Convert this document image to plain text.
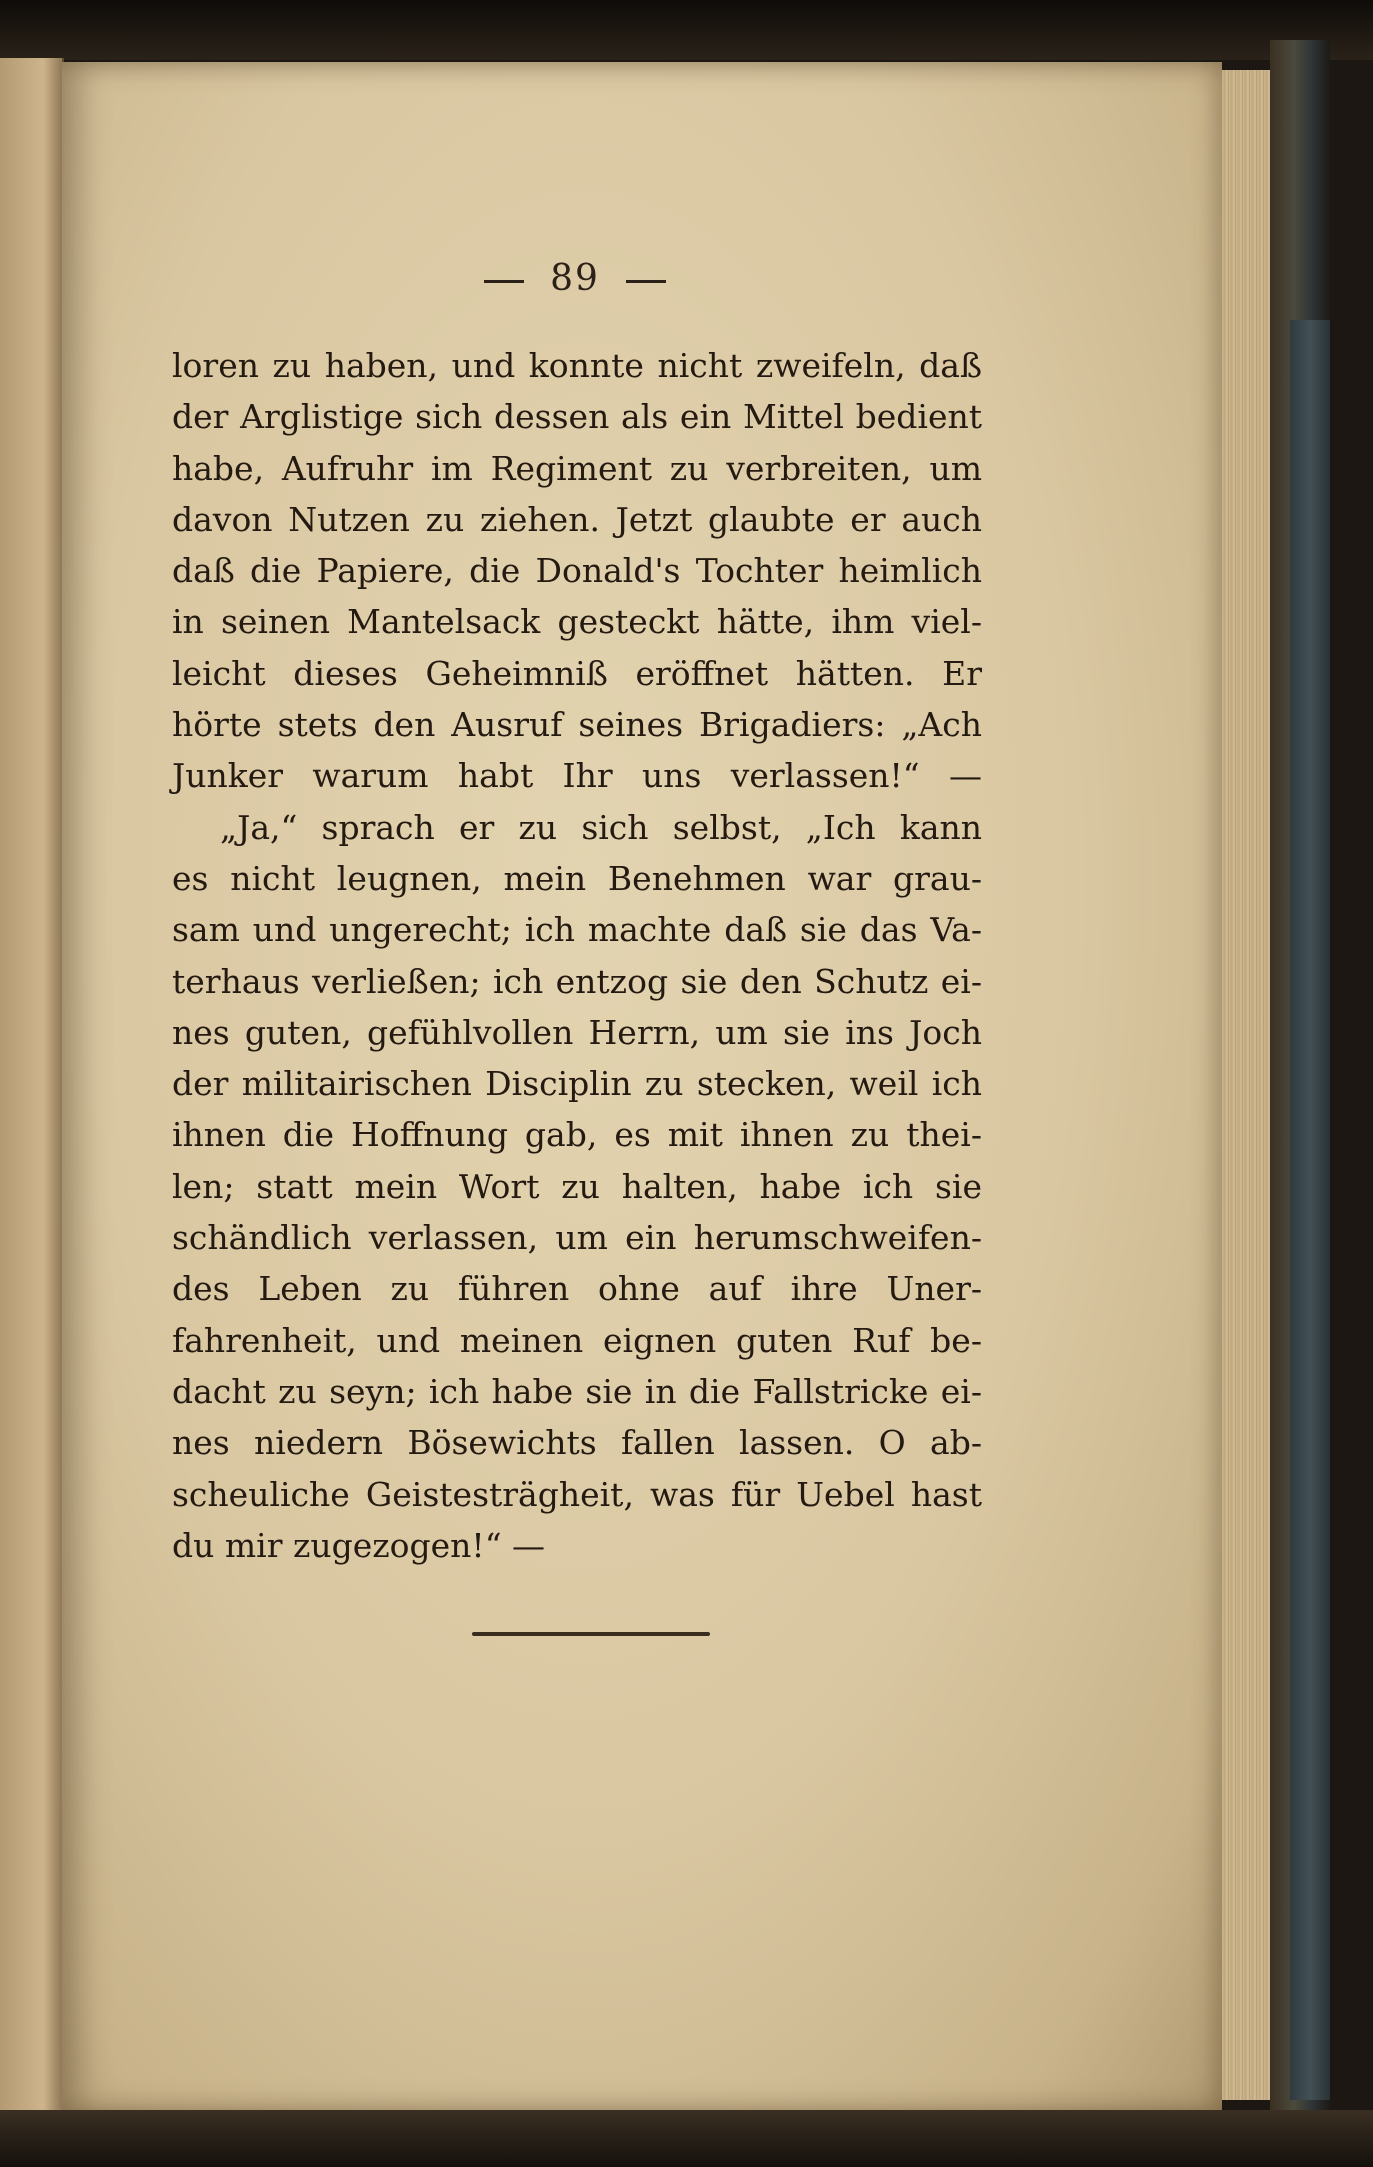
89
loren zu haben, und konnte nicht zweifeln, daß
der Arglistige sich dessen als ein Mittel bedient
habe, Aufruhr im Regiment zu verbreiten, um
davon Nutzen zu ziehen. Jetzt glaubte er auch
daß die Papiere, die Donald's Tochter heimlich
in seinen Mantelsack gesteckt hätte, ihm viel-
leicht dieses Geheimniß eröffnet hätten. Er
hörte stets den Ausruf seines Brigadiers: „Ach
Junker warum habt Ihr uns verlassen!“ —
„Ja,“ sprach er zu sich selbst, „Ich kann
es nicht leugnen, mein Benehmen war grau-
sam und ungerecht; ich machte daß sie das Va-
terhaus verließen; ich entzog sie den Schutz ei-
nes guten, gefühlvollen Herrn, um sie ins Joch
der militairischen Disciplin zu stecken, weil ich
ihnen die Hoffnung gab, es mit ihnen zu thei-
len; statt mein Wort zu halten, habe ich sie
schändlich verlassen, um ein herumschweifen-
des Leben zu führen ohne auf ihre Uner-
fahrenheit, und meinen eignen guten Ruf be-
dacht zu seyn; ich habe sie in die Fallstricke ei-
nes niedern Bösewichts fallen lassen. O ab-
scheuliche Geistesträgheit, was für Uebel hast
du mir zugezogen!“ —
